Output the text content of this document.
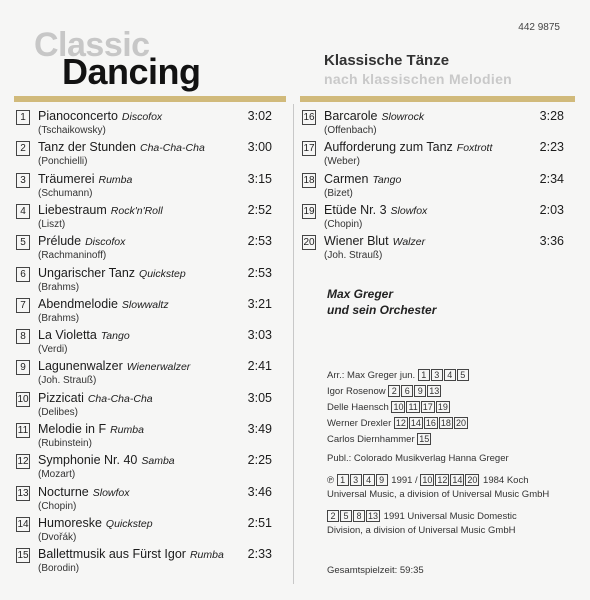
442 9875
Classic
Dancing	Klassische Tänze
nach klassischen Melodien
1 Pianoconcerto Discofox
(Tschaikowsky)
3:02
2 Tanz der Stunden Cha-Cha-Cha
(Ponchielli)
3:00
3 Träumerei Rumba
(Schumann)
3:15
4 Liebestraum Rock'n'Roll
(Liszt)
2:52
5 Prélude Discofox
(Rachmaninoff)
2:53
6 Ungarischer Tanz Quickstep
(Brahms)
2:53
7 Abendmelodie Slowwaltz
(Brahms)
3:21
8 La Violetta Tango
(Verdi)
3:03
9 Lagunenwalzer Wienerwalzer
(Joh. Strauß)
2:41
10 Pizzicati Cha-Cha-Cha
(Delibes)
3:05
11 Melodie in F Rumba
(Rubinstein)
3:49
12 Symphonie Nr. 40 Samba
(Mozart)
2:25
13 Nocturne Slowfox
(Chopin)
3:46
14 Humoreske Quickstep
(Dvořák)
2:51
15 Ballettmusik aus Fürst Igor Rumba
(Borodin)
2:33
16 Barcarole Slowrock
(Offenbach)
3:28
17 Aufforderung zum Tanz Foxtrott
(Weber)
2:23
18 Carmen Tango
(Bizet)
2:34
19 Etüde Nr. 3 Slowfox
(Chopin)
2:03
20 Wiener Blut Walzer
(Joh. Strauß)
3:36
Max Greger
und sein Orchester
Arr.: Max Greger jun. 1 3 4 5
Igor Rosenow 2 6 9 13
Delle Haensch 10 11 17 19
Werner Drexler 12 14 16 18 20
Carlos Diernhammer 15
Publ.: Colorado Musikverlag Hanna Greger
℗ 1 3 4 9 1991 / 10 12 14 20 1984 Koch
Universal Music, a division of Universal Music GmbH
2 5 8 13 1991 Universal Music Domestic
Division, a division of Universal Music GmbH
Gesamtspielzeit: 59:35
